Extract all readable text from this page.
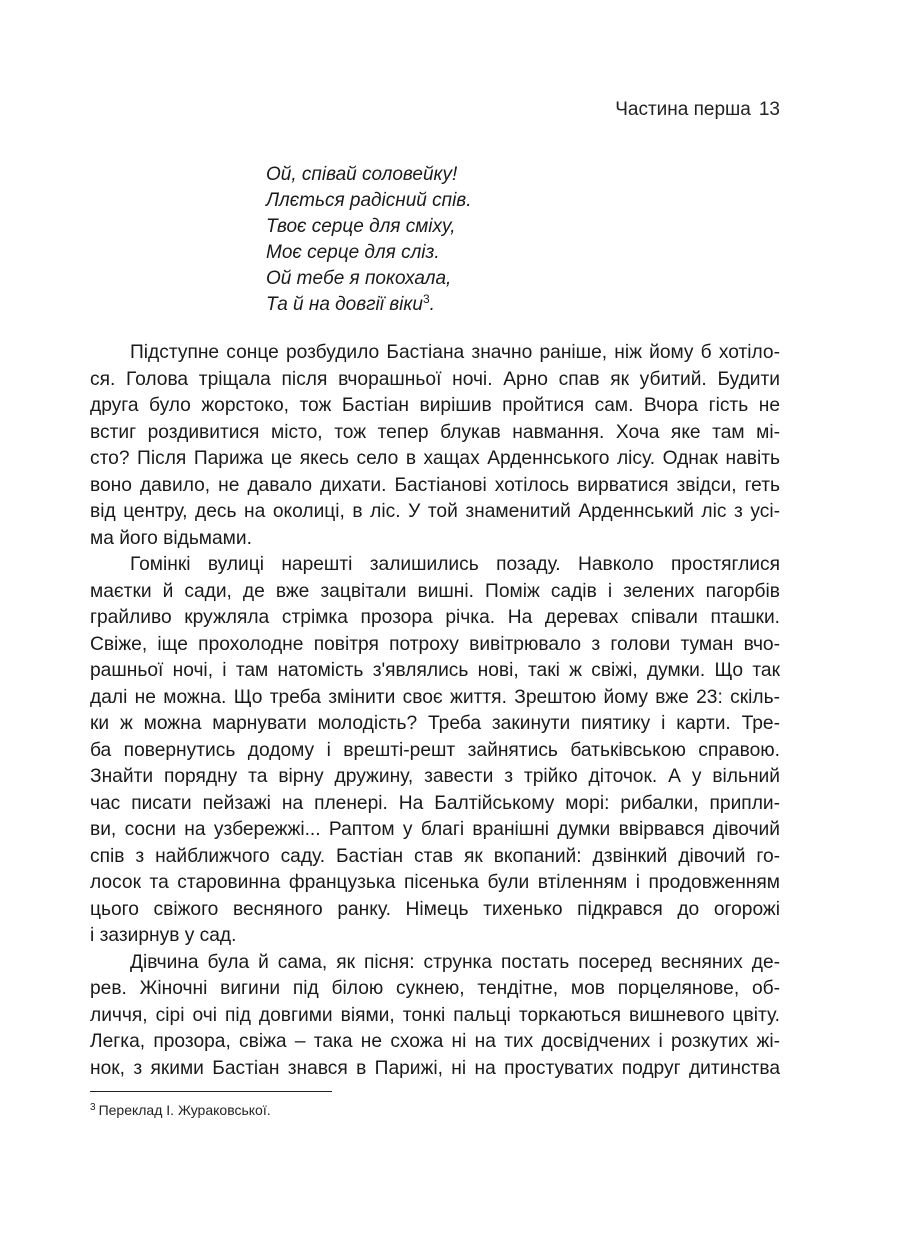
Частина перша 13
Ой, співай соловейку!
Ллється радісний спів.
Твоє серце для сміху,
Моє серце для сліз.
Ой тебе я покохала,
Та й на довгії віки$^3$.
Підступне сонце розбудило Бастіана значно раніше, ніж йому б хотіло-
ся. Голова тріщала після вчорашньої ночі. Арно спав як убитий. Будити
друга було жорстоко, тож Бастіан вирішив пройтися сам. Вчора гість не
встиг роздивитися місто, тож тепер блукав навмання. Хоча яке там мі-
сто? Після Парижа це якесь село в хащах Арденнського лісу. Однак навіть
воно давило, не давало дихати. Бастіанові хотілось вирватися звідси, геть
від центру, десь на околиці, в ліс. У той знаменитий Арденнський ліс з усі-
ма його відьмами.
Гомінкі вулиці нарешті залишились позаду. Навколо простяглися
маєтки й сади, де вже зацвітали вишні. Поміж садів і зелених пагорбів
грайливо кружляла стрімка прозора річка. На деревах співали пташки.
Свіже, іще прохолодне повітря потроху вивітрювало з голови туман вчо-
рашньої ночі, і там натомість з'являлись нові, такі ж свіжі, думки. Що так
далі не можна. Що треба змінити своє життя. Зрештою йому вже 23: скіль-
ки ж можна марнувати молодість? Треба закинути пиятику і карти. Тре-
ба повернутись додому і врешті-решт зайнятись батьківською справою.
Знайти порядну та вірну дружину, завести з трійко діточок. А у вільний
час писати пейзажі на пленері. На Балтійському морі: рибалки, припли-
ви, сосни на узбережжі... Раптом у благі вранішні думки ввірвався дівочий
спів з найближчого саду. Бастіан став як вкопаний: дзвінкий дівочий го-
лосок та старовинна французька пісенька були втіленням і продовженням
цього свіжого весняного ранку. Німець тихенько підкрався до огорожі
і зазирнув у сад.
Дівчина була й сама, як пісня: струнка постать посеред весняних де-
рев. Жіночні вигини під білою сукнею, тендітне, мов порцелянове, об-
личчя, сірі очі під довгими віями, тонкі пальці торкаються вишневого цвіту.
Легка, прозора, свіжа – така не схожа ні на тих досвідчених і розкутих жі-
нок, з якими Бастіан знався в Парижі, ні на простуватих подруг дитинства
$^3$ Переклад І. Жураковської.
